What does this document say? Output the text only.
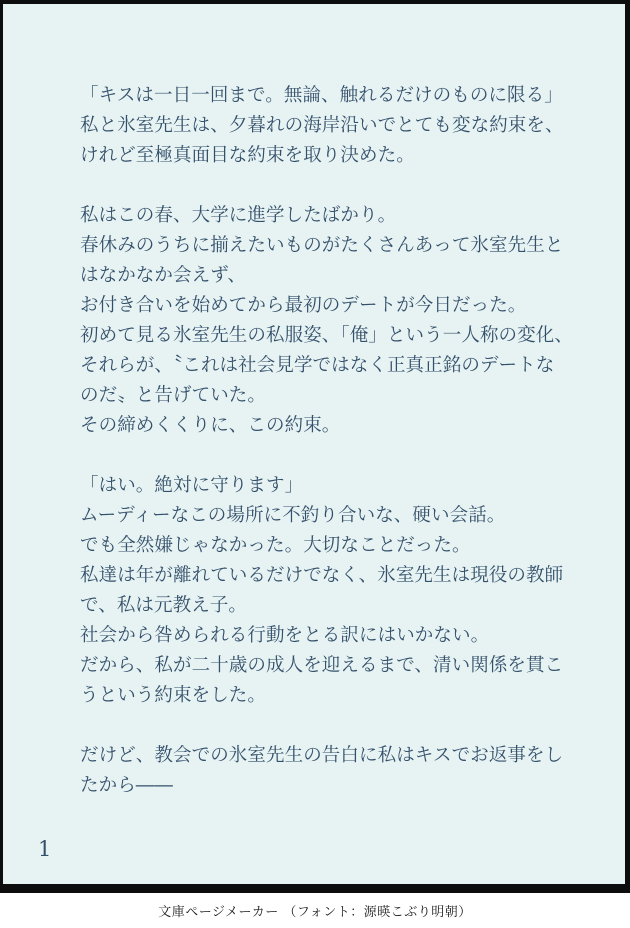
「キスは一日一回まで。無論、触れるだけのものに限る」
私と氷室先生は、夕暮れの海岸沿いでとても変な約束を、
けれど至極真面目な約束を取り決めた。
私はこの春、大学に進学したばかり。
春休みのうちに揃えたいものがたくさんあって氷室先生と
はなかなか会えず、
お付き合いを始めてから最初のデートが今日だった。
初めて見る氷室先生の私服姿、「俺」という一人称の変化、
それらが、〝これは社会見学ではなく正真正銘のデートな
のだ〟と告げていた。
その締めくくりに、この約束。
「はい。絶対に守ります」
ムーディーなこの場所に不釣り合いな、硬い会話。
でも全然嫌じゃなかった。大切なことだった。
私達は年が離れているだけでなく、氷室先生は現役の教師
で、私は元教え子。
社会から咎められる行動をとる訳にはいかない。
だから、私が二十歳の成人を迎えるまで、清い関係を貫こ
うという約束をした。
だけど、教会での氷室先生の告白に私はキスでお返事をし
たから――
1
文庫ページメーカー （フォント：源暎こぶり明朝）
